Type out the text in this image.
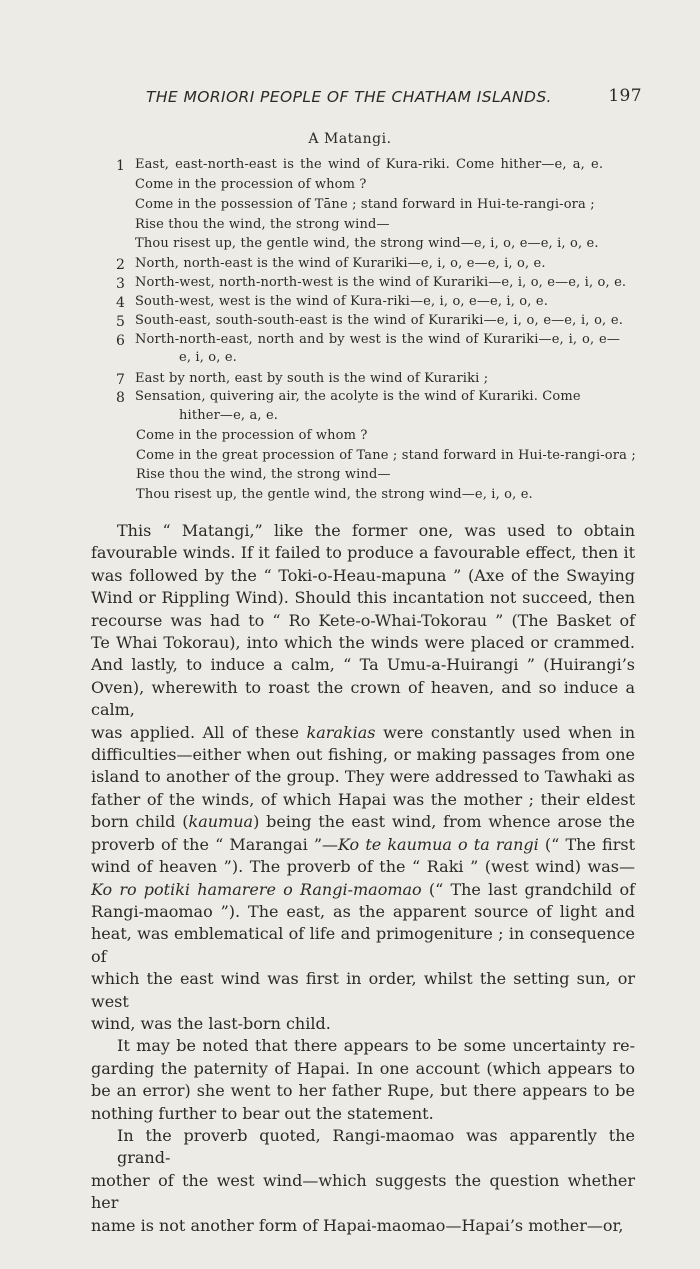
THE MORIORI PEOPLE OF THE CHATHAM ISLANDS.	197
A Matangi.
1 East, east-north-east is the wind of Kura-riki. Come hither—e, a, e.
Come in the procession of whom ?
Come in the possession of Tāne ; stand forward in Hui-te-rangi-ora ;
Rise thou the wind, the strong wind—
Thou risest up, the gentle wind, the strong wind—e, i, o, e—e, i, o, e.
2 North, north-east is the wind of Kurariki—e, i, o, e—e, i, o, e.
3 North-west, north-north-west is the wind of Kurariki—e, i, o, e—e, i, o, e.
4 South-west, west is the wind of Kura-riki—e, i, o, e—e, i, o, e.
5 South-east, south-south-east is the wind of Kurariki—e, i, o, e—e, i, o, e.
6 North-north-east, north and by west is the wind of Kurariki—e, i, o, e—
e, i, o, e.
7 East by north, east by south is the wind of Kurariki ;
8 Sensation, quivering air, the acolyte is the wind of Kurariki. Come
hither—e, a, e.
Come in the procession of whom ?
Come in the great procession of Tane ; stand forward in Hui-te-rangi-ora ;
Rise thou the wind, the strong wind—
Thou risest up, the gentle wind, the strong wind—e, i, o, e.
This “ Matangi,” like the former one, was used to obtain
favourable winds. If it failed to produce a favourable effect, then it
was followed by the “ Toki-o-Heau-mapuna ” (Axe of the Swaying
Wind or Rippling Wind). Should this incantation not succeed, then
recourse was had to “ Ro Kete-o-Whai-Tokorau ” (The Basket of
Te Whai Tokorau), into which the winds were placed or crammed.
And lastly, to induce a calm, “ Ta Umu-a-Huirangi ” (Huirangi’s
Oven), wherewith to roast the crown of heaven, and so induce a calm,
was applied. All of these karakias were constantly used when in
difficulties—either when out fishing, or making passages from one
island to another of the group. They were addressed to Tawhaki as
father of the winds, of which Hapai was the mother ; their eldest
born child (kaumua) being the east wind, from whence arose the
proverb of the “ Marangai ”—Ko te kaumua o ta rangi (“ The first
wind of heaven ”). The proverb of the “ Raki ” (west wind) was—
Ko ro potiki hamarere o Rangi-maomao (“ The last grandchild of
Rangi-maomao ”). The east, as the apparent source of light and
heat, was emblematical of life and primogeniture ; in consequence of
which the east wind was first in order, whilst the setting sun, or west
wind, was the last-born child.
It may be noted that there appears to be some uncertainty re-
garding the paternity of Hapai. In one account (which appears to
be an error) she went to her father Rupe, but there appears to be
nothing further to bear out the statement.
In the proverb quoted, Rangi-maomao was apparently the grand-
mother of the west wind—which suggests the question whether her
name is not another form of Hapai-maomao—Hapai’s mother—or,
